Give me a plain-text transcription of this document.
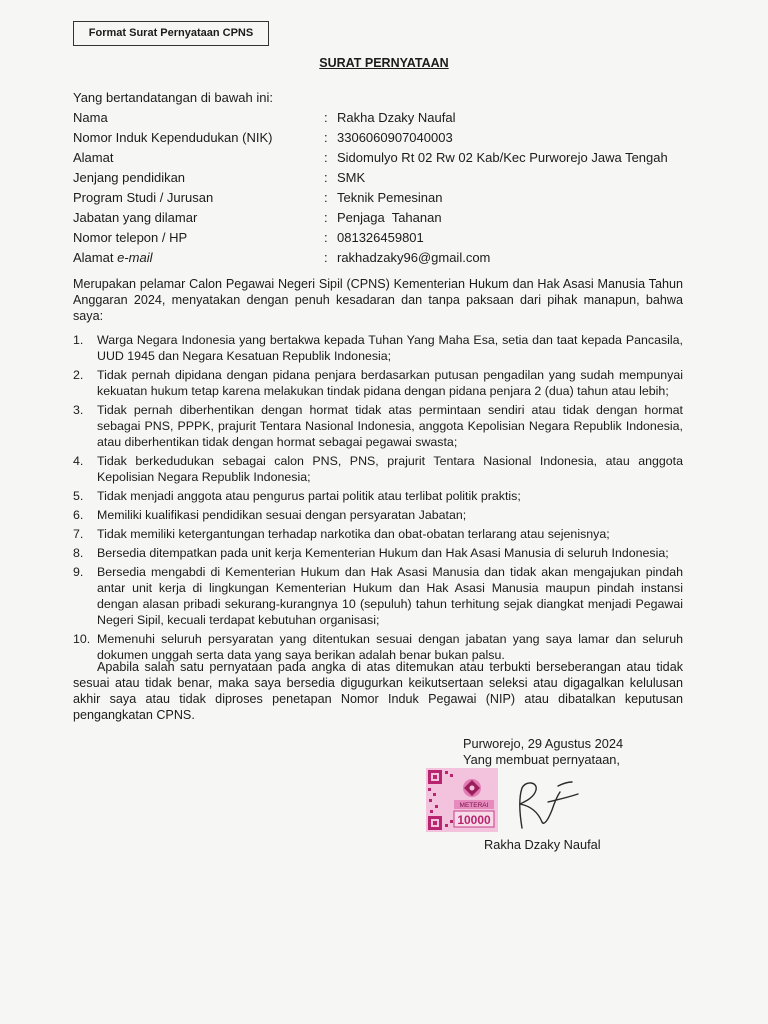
Format Surat Pernyataan CPNS
SURAT PERNYATAAN
Yang bertandatangan di bawah ini:
Nama	: Rakha Dzaky Naufal
Nomor Induk Kependudukan (NIK)	: 3306060907040003
Alamat	: Sidomulyo Rt 02 Rw 02 Kab/Kec Purworejo Jawa Tengah
Jenjang pendidikan	: SMK
Program Studi / Jurusan	: Teknik Pemesinan
Jabatan yang dilamar	: Penjaga  Tahanan
Nomor telepon / HP	: 081326459801
Alamat e-mail	: rakhadzaky96@gmail.com
Merupakan pelamar Calon Pegawai Negeri Sipil (CPNS) Kementerian Hukum dan Hak Asasi Manusia Tahun Anggaran 2024, menyatakan dengan penuh kesadaran dan tanpa paksaan dari pihak manapun, bahwa saya:
1.	Warga Negara Indonesia yang bertakwa kepada Tuhan Yang Maha Esa, setia dan taat kepada Pancasila, UUD 1945 dan Negara Kesatuan Republik Indonesia;
2.	Tidak pernah dipidana dengan pidana penjara berdasarkan putusan pengadilan yang sudah mempunyai kekuatan hukum tetap karena melakukan tindak pidana dengan pidana penjara 2 (dua) tahun atau lebih;
3.	Tidak pernah diberhentikan dengan hormat tidak atas permintaan sendiri atau tidak dengan hormat sebagai PNS, PPPK, prajurit Tentara Nasional Indonesia, anggota Kepolisian Negara Republik Indonesia, atau diberhentikan tidak dengan hormat sebagai pegawai swasta;
4.	Tidak berkedudukan sebagai calon PNS, PNS, prajurit Tentara Nasional Indonesia, atau anggota Kepolisian Negara Republik Indonesia;
5.	Tidak menjadi anggota atau pengurus partai politik atau terlibat politik praktis;
6.	Memiliki kualifikasi pendidikan sesuai dengan persyaratan Jabatan;
7.	Tidak memiliki ketergantungan terhadap narkotika dan obat-obatan terlarang atau sejenisnya;
8.	Bersedia ditempatkan pada unit kerja Kementerian Hukum dan Hak Asasi Manusia di seluruh Indonesia;
9.	Bersedia mengabdi di Kementerian Hukum dan Hak Asasi Manusia dan tidak akan mengajukan pindah antar unit kerja di lingkungan Kementerian Hukum dan Hak Asasi Manusia maupun pindah instansi dengan alasan pribadi sekurang-kurangnya 10 (sepuluh) tahun terhitung sejak diangkat menjadi Pegawai Negeri Sipil, kecuali terdapat kebutuhan organisasi;
10. Memenuhi seluruh persyaratan yang ditentukan sesuai dengan jabatan yang saya lamar dan seluruh dokumen unggah serta data yang saya berikan adalah benar bukan palsu.
Apabila salah satu pernyataan pada angka di atas ditemukan atau terbukti berseberangan atau tidak sesuai atau tidak benar, maka saya bersedia digugurkan keikutsertaan seleksi atau digagalkan kelulusan akhir saya atau tidak diproses penetapan Nomor Induk Pegawai (NIP) atau dibatalkan keputusan pengangkatan CPNS.
Purworejo, 29 Agustus 2024
Yang membuat pernyataan,
METERAI
10000
Rakha Dzaky Naufal
